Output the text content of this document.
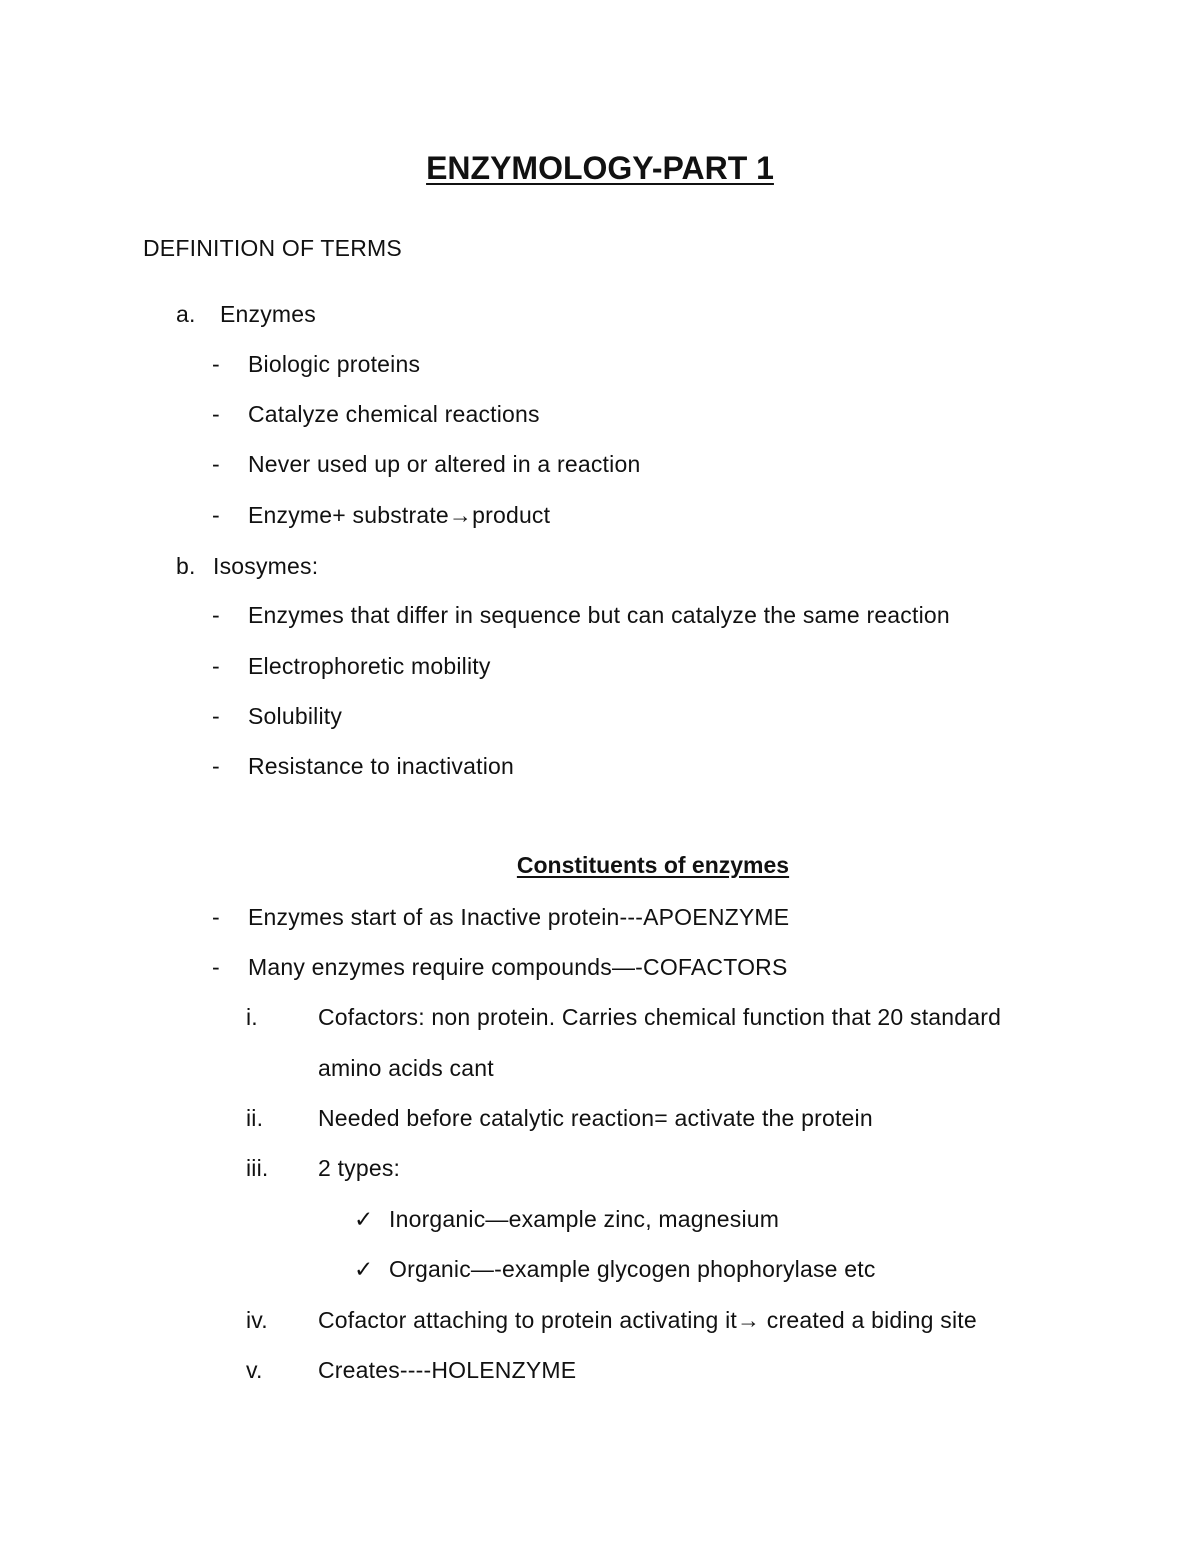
ENZYMOLOGY-PART 1
DEFINITION OF TERMS
a. Enzymes
- Biologic proteins
- Catalyze chemical reactions
- Never used up or altered in a reaction
- Enzyme+ substrate→product
b. Isosymes:
- Enzymes that differ in sequence but can catalyze the same reaction
- Electrophoretic mobility
- Solubility
- Resistance to inactivation
Constituents of enzymes
- Enzymes start of as Inactive protein---APOENZYME
- Many enzymes require compounds—-COFACTORS
i.	Cofactors: non protein. Carries chemical function that 20 standard
amino acids cant
ii. Needed before catalytic reaction= activate the protein
iii. 2 types:
✓ Inorganic—example zinc, magnesium
✓ Organic—-example glycogen phophorylase etc
iv. Cofactor attaching to protein activating it→ created a biding site
v. Creates----HOLENZYME
